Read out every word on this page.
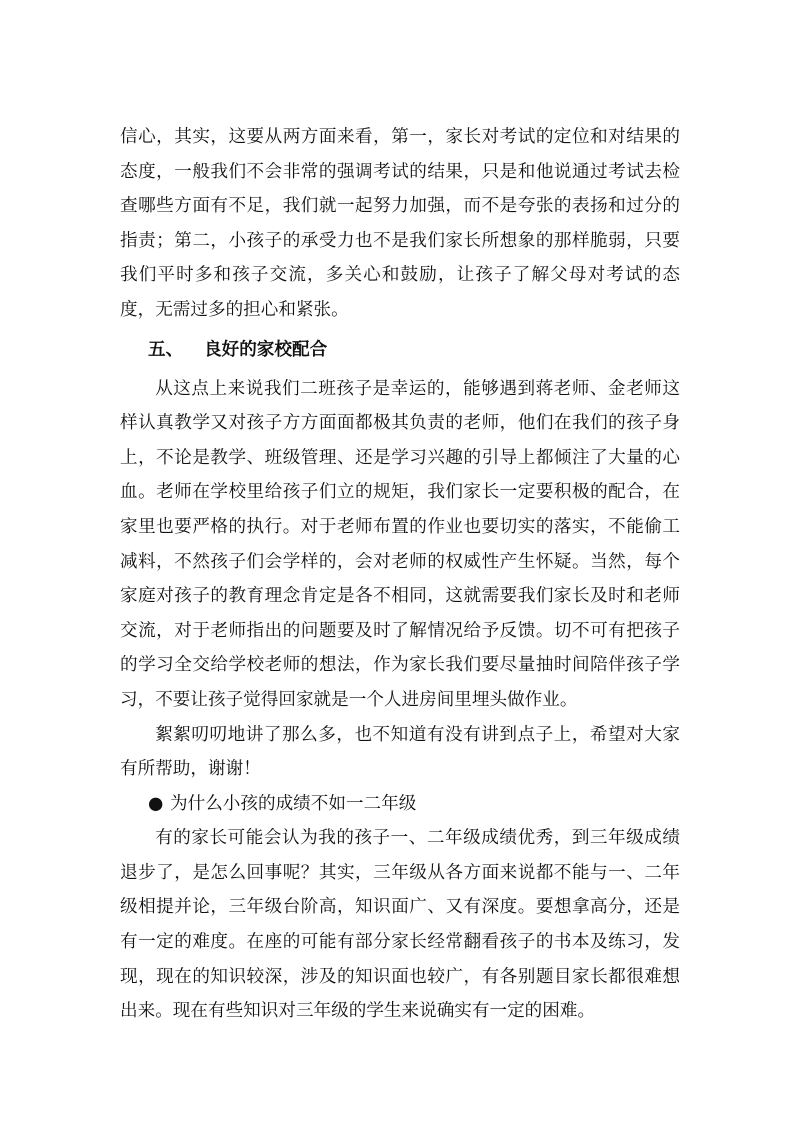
信心，其实，这要从两方面来看，第一，家长对考试的定位和对结果的态度，一般我们不会非常的强调考试的结果，只是和他说通过考试去检查哪些方面有不足，我们就一起努力加强，而不是夸张的表扬和过分的指责；第二，小孩子的承受力也不是我们家长所想象的那样脆弱，只要我们平时多和孩子交流，多关心和鼓励，让孩子了解父母对考试的态度，无需过多的担心和紧张。

五、 良好的家校配合

从这点上来说我们二班孩子是幸运的，能够遇到蒋老师、金老师这样认真教学又对孩子方方面面都极其负责的老师，他们在我们的孩子身上，不论是教学、班级管理、还是学习兴趣的引导上都倾注了大量的心血。老师在学校里给孩子们立的规矩，我们家长一定要积极的配合，在家里也要严格的执行。对于老师布置的作业也要切实的落实，不能偷工减料，不然孩子们会学样的，会对老师的权威性产生怀疑。当然，每个家庭对孩子的教育理念肯定是各不相同，这就需要我们家长及时和老师交流，对于老师指出的问题要及时了解情况给予反馈。切不可有把孩子的学习全交给学校老师的想法，作为家长我们要尽量抽时间陪伴孩子学习，不要让孩子觉得回家就是一个人进房间里埋头做作业。

絮絮叨叨地讲了那么多，也不知道有没有讲到点子上，希望对大家有所帮助，谢谢！

● 为什么小孩的成绩不如一二年级

有的家长可能会认为我的孩子一、二年级成绩优秀，到三年级成绩退步了，是怎么回事呢？其实，三年级从各方面来说都不能与一、二年级相提并论，三年级台阶高，知识面广、又有深度。要想拿高分，还是有一定的难度。在座的可能有部分家长经常翻看孩子的书本及练习，发现，现在的知识较深，涉及的知识面也较广，有各别题目家长都很难想出来。现在有些知识对三年级的学生来说确实有一定的困难。
